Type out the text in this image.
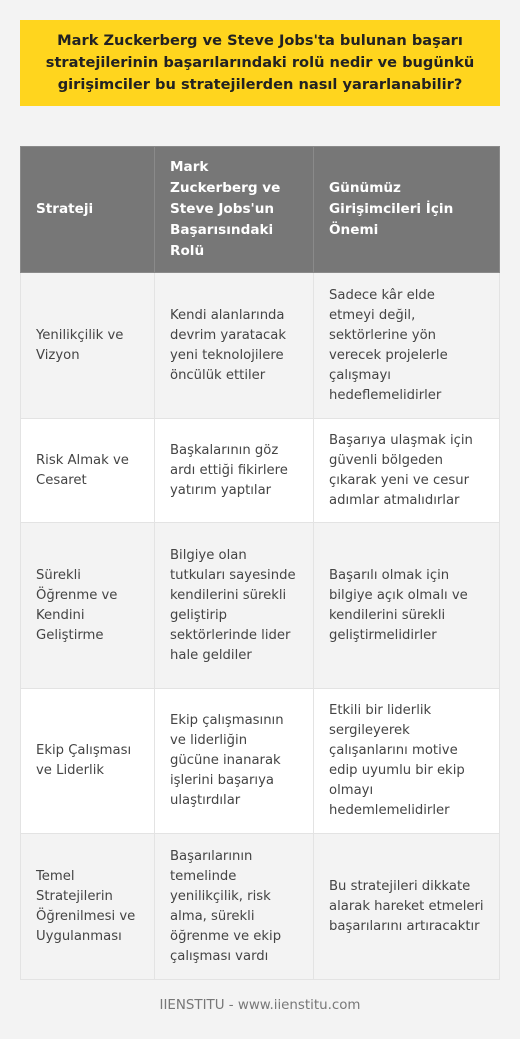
Mark Zuckerberg ve Steve Jobs'ta bulunan başarı stratejilerinin başarılarındaki rolü nedir ve bugünkü girişimciler bu stratejilerden nasıl yararlanabilir?
Strateji	Mark Zuckerberg ve Steve Jobs'un Başarısındaki Rolü	Günümüz Girişimcileri İçin Önemi
Yenilikçilik ve Vizyon	Kendi alanlarında devrim yaratacak yeni teknolojilere öncülük ettiler	Sadece kâr elde etmeyi değil, sektörlerine yön verecek projelerle çalışmayı hedeflemelidirler
Risk Almak ve Cesaret	Başkalarının göz ardı ettiği fikirlere yatırım yaptılar	Başarıya ulaşmak için güvenli bölgeden çıkarak yeni ve cesur adımlar atmalıdırlar
Sürekli Öğrenme ve Kendini Geliştirme	Bilgiye olan tutkuları sayesinde kendilerini sürekli geliştirip sektörlerinde lider hale geldiler	Başarılı olmak için bilgiye açık olmalı ve kendilerini sürekli geliştirmelidirler
Ekip Çalışması ve Liderlik	Ekip çalışmasının ve liderliğin gücüne inanarak işlerini başarıya ulaştırdılar	Etkili bir liderlik sergileyerek çalışanlarını motive edip uyumlu bir ekip olmayı hedemlemelidirler
Temel Stratejilerin Öğrenilmesi ve Uygulanması	Başarılarının temelinde yenilikçilik, risk alma, sürekli öğrenme ve ekip çalışması vardı	Bu stratejileri dikkate alarak hareket etmeleri başarılarını artıracaktır
IIENSTITU - www.iienstitu.com
